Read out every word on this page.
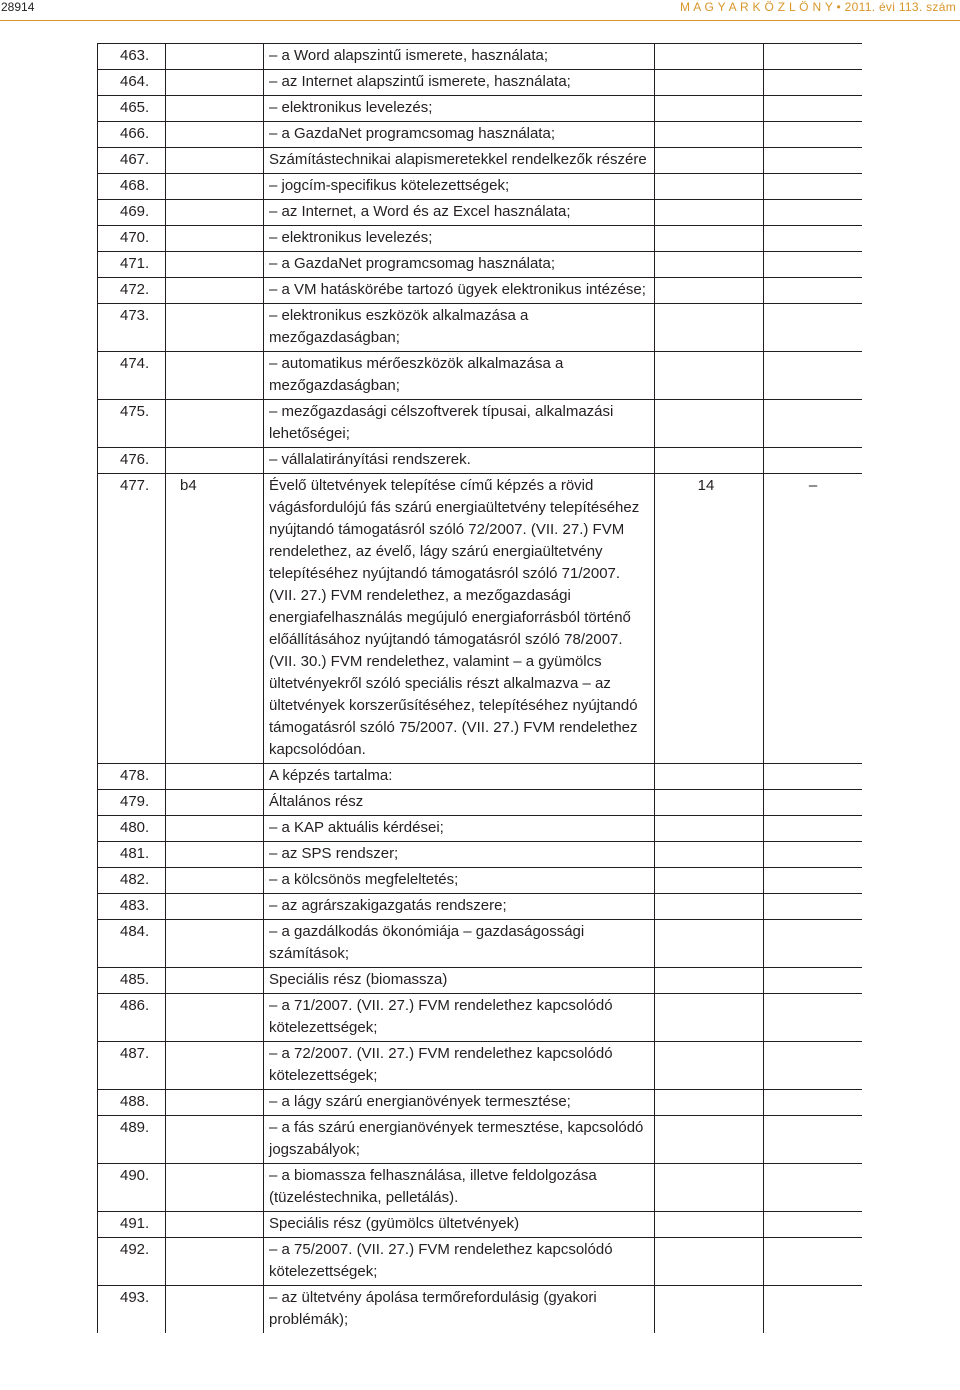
28914	M A G Y A R K Ö Z L Ö N Y • 2011. évi 113. szám
463.		– a Word alapszintű ismerete, használata;		
464.		– az Internet alapszintű ismerete, használata;		
465.		– elektronikus levelezés;		
466.		– a GazdaNet programcsomag használata;		
467.		Számítástechnikai alapismeretekkel rendelkezők részére		
468.		– jogcím-specifikus kötelezettségek;		
469.		– az Internet, a Word és az Excel használata;		
470.		– elektronikus levelezés;		
471.		– a GazdaNet programcsomag használata;		
472.		– a VM hatáskörébe tartozó ügyek elektronikus intézése;		
473.		– elektronikus eszközök alkalmazása a mezőgazdaságban;		
474.		– automatikus mérőeszközök alkalmazása a mezőgazdaságban;		
475.		– mezőgazdasági célszoftverek típusai, alkalmazási lehetőségei;		
476.		– vállalatirányítási rendszerek.		
477.	b4	Évelő ültetvények telepítése című képzés a rövid vágásfordulójú fás szárú energiaültetvény telepítéséhez nyújtandó támogatásról szóló 72/2007. (VII. 27.) FVM rendelethez, az évelő, lágy szárú energiaültetvény telepítéséhez nyújtandó támogatásról szóló 71/2007. (VII. 27.) FVM rendelethez, a mezőgazdasági energiafelhasználás megújuló energiaforrásból történő előállításához nyújtandó támogatásról szóló 78/2007. (VII. 30.) FVM rendelethez, valamint – a gyümölcs ültetvényekről szóló speciális részt alkalmazva – az ültetvények korszerűsítéséhez, telepítéséhez nyújtandó támogatásról szóló 75/2007. (VII. 27.) FVM rendelethez kapcsolódóan.	14	–
478.		A képzés tartalma:		
479.		Általános rész		
480.		– a KAP aktuális kérdései;		
481.		– az SPS rendszer;		
482.		– a kölcsönös megfeleltetés;		
483.		– az agrárszakigazgatás rendszere;		
484.		– a gazdálkodás ökonómiája – gazdaságossági számítások;		
485.		Speciális rész (biomassza)		
486.		– a 71/2007. (VII. 27.) FVM rendelethez kapcsolódó kötelezettségek;		
487.		– a 72/2007. (VII. 27.) FVM rendelethez kapcsolódó kötelezettségek;		
488.		– a lágy szárú energianövények termesztése;		
489.		– a fás szárú energianövények termesztése, kapcsolódó jogszabályok;		
490.		– a biomassza felhasználása, illetve feldolgozása (tüzeléstechnika, pelletálás).		
491.		Speciális rész (gyümölcs ültetvények)		
492.		– a 75/2007. (VII. 27.) FVM rendelethez kapcsolódó kötelezettségek;		
493.		– az ültetvény ápolása termőrefordulásig (gyakori problémák);		
